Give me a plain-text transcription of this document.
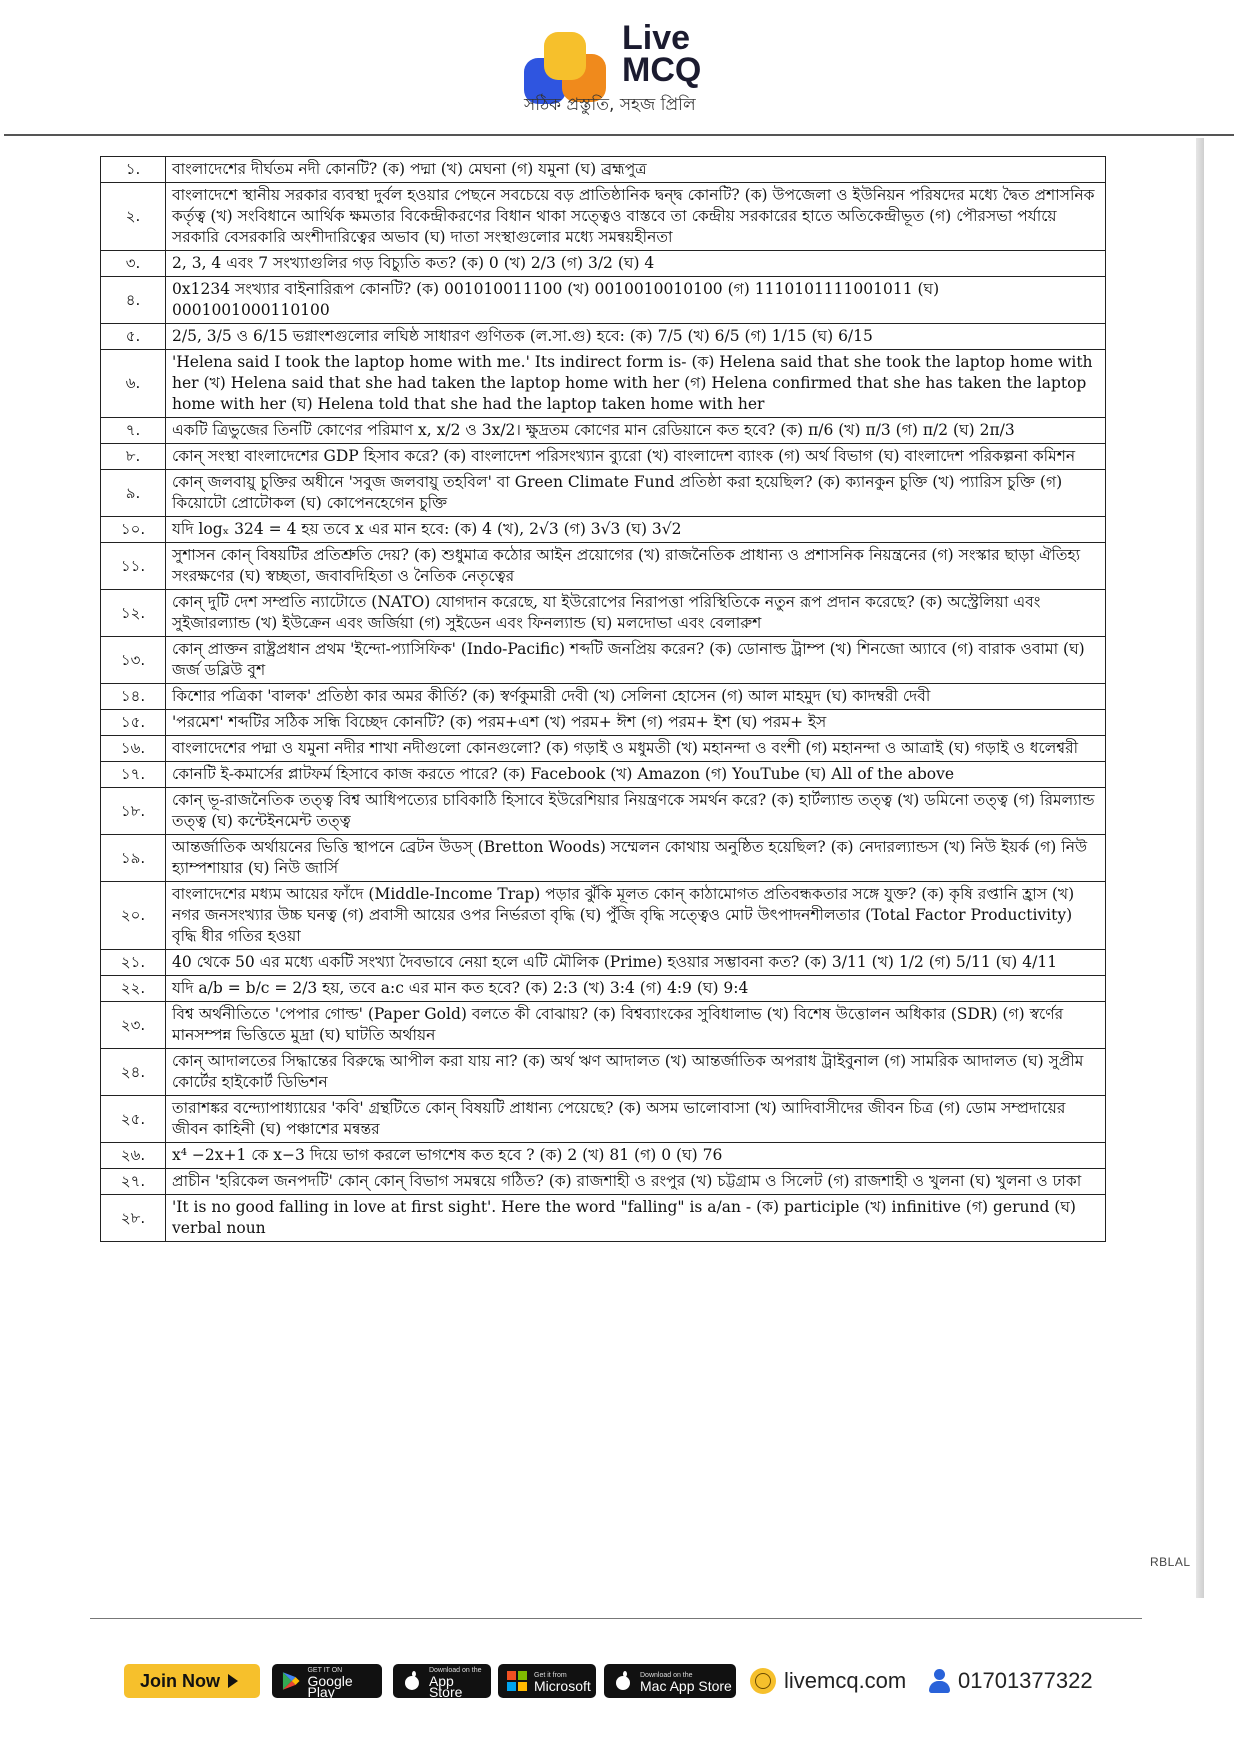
Live
MCQ
সঠিক প্রস্তুতি, সহজ প্রিলি
১.	বাংলাদেশের দীর্ঘতম নদী কোনটি? (ক) পদ্মা (খ) মেঘনা (গ) যমুনা (ঘ) ব্রহ্মপুত্র
২.	বাংলাদেশে স্থানীয় সরকার ব্যবস্থা দুর্বল হওয়ার পেছনে সবচেয়ে বড় প্রাতিষ্ঠানিক দ্বন্দ্ব কোনটি? (ক) উপজেলা ও ইউনিয়ন পরিষদের মধ্যে দ্বৈত প্রশাসনিক কর্তৃত্ব (খ) সংবিধানে আর্থিক ক্ষমতার বিকেন্দ্রীকরণের বিধান থাকা সত্ত্বেও বাস্তবে তা কেন্দ্রীয় সরকারের হাতে অতিকেন্দ্রীভূত (গ) পৌরসভা পর্যায়ে সরকারি বেসরকারি অংশীদারিত্বের অভাব (ঘ) দাতা সংস্থাগুলোর মধ্যে সমন্বয়হীনতা
৩.	2, 3, 4 এবং 7 সংখ্যাগুলির গড় বিচ্যুতি কত? (ক) 0 (খ) 2/3 (গ) 3/2 (ঘ) 4
৪.	0x1234 সংখ্যার বাইনারিরূপ কোনটি? (ক) 001010011100 (খ) 0010010010100 (গ) 1110101111001011 (ঘ) 0001001000110100
৫.	2/5, 3/5 ও 6/15 ভগ্নাংশগুলোর লঘিষ্ঠ সাধারণ গুণিতক (ল.সা.গু) হবে: (ক) 7/5 (খ) 6/5 (গ) 1/15 (ঘ) 6/15
৬.	'Helena said I took the laptop home with me.' Its indirect form is- (ক) Helena said that she took the laptop home with her (খ) Helena said that she had taken the laptop home with her (গ) Helena confirmed that she has taken the laptop home with her (ঘ) Helena told that she had the laptop taken home with her
৭.	একটি ত্রিভুজের তিনটি কোণের পরিমাণ x, x/2 ও 3x/2। ক্ষুদ্রতম কোণের মান রেডিয়ানে কত হবে? (ক) π/6 (খ) π/3 (গ) π/2 (ঘ) 2π/3
৮.	কোন্ সংস্থা বাংলাদেশের GDP হিসাব করে? (ক) বাংলাদেশ পরিসংখ্যান ব্যুরো (খ) বাংলাদেশ ব্যাংক (গ) অর্থ বিভাগ (ঘ) বাংলাদেশ পরিকল্পনা কমিশন
৯.	কোন্ জলবায়ু চুক্তির অধীনে 'সবুজ জলবায়ু তহবিল' বা Green Climate Fund প্রতিষ্ঠা করা হয়েছিল? (ক) ক্যানকুন চুক্তি (খ) প্যারিস চুক্তি (গ) কিয়োটো প্রোটোকল (ঘ) কোপেনহেগেন চুক্তি
১০.	যদি logₓ 324 = 4 হয় তবে x এর মান হবে: (ক) 4 (খ), 2√3 (গ) 3√3 (ঘ) 3√2
১১.	সুশাসন কোন্ বিষয়টির প্রতিশ্রুতি দেয়? (ক) শুধুমাত্র কঠোর আইন প্রয়োগের (খ) রাজনৈতিক প্রাধান্য ও প্রশাসনিক নিয়ন্ত্রনের (গ) সংস্কার ছাড়া ঐতিহ্য সংরক্ষণের (ঘ) স্বচ্ছতা, জবাবদিহিতা ও নৈতিক নেতৃত্বের
১২.	কোন্ দুটি দেশ সম্প্রতি ন্যাটোতে (NATO) যোগদান করেছে, যা ইউরোপের নিরাপত্তা পরিস্থিতিকে নতুন রূপ প্রদান করেছে? (ক) অস্ট্রেলিয়া এবং সুইজারল্যান্ড (খ) ইউক্রেন এবং জর্জিয়া (গ) সুইডেন এবং ফিনল্যান্ড (ঘ) মলদোভা এবং বেলারুশ
১৩.	কোন্ প্রাক্তন রাষ্ট্রপ্রধান প্রথম 'ইন্দো-প্যাসিফিক' (Indo-Pacific) শব্দটি জনপ্রিয় করেন? (ক) ডোনাল্ড ট্রাম্প (খ) শিনজো অ্যাবে (গ) বারাক ওবামা (ঘ) জর্জ ডব্লিউ বুশ
১৪.	কিশোর পত্রিকা 'বালক' প্রতিষ্ঠা কার অমর কীর্তি? (ক) স্বর্ণকুমারী দেবী (খ) সেলিনা হোসেন (গ) আল মাহমুদ (ঘ) কাদম্বরী দেবী
১৫.	'পরমেশ' শব্দটির সঠিক সন্ধি বিচ্ছেদ কোনটি? (ক) পরম+এশ (খ) পরম+ ঈশ (গ) পরম+ ইশ (ঘ) পরম+ ইস
১৬.	বাংলাদেশের পদ্মা ও যমুনা নদীর শাখা নদীগুলো কোনগুলো? (ক) গড়াই ও মধুমতী (খ) মহানন্দা ও বংশী (গ) মহানন্দা ও আত্রাই (ঘ) গড়াই ও ধলেশ্বরী
১৭.	কোনটি ই-কমার্সের প্লাটফর্ম হিসাবে কাজ করতে পারে? (ক) Facebook (খ) Amazon (গ) YouTube (ঘ) All of the above
১৮.	কোন্ ভূ-রাজনৈতিক তত্ত্ব বিশ্ব আধিপত্যের চাবিকাঠি হিসাবে ইউরেশিয়ার নিয়ন্ত্রণকে সমর্থন করে? (ক) হার্টল্যান্ড তত্ত্ব (খ) ডমিনো তত্ত্ব (গ) রিমল্যান্ড তত্ত্ব (ঘ) কন্টেইনমেন্ট তত্ত্ব
১৯.	আন্তর্জাতিক অর্থায়নের ভিত্তি স্থাপনে ব্রেটন উডস্ (Bretton Woods) সম্মেলন কোথায় অনুষ্ঠিত হয়েছিল? (ক) নেদারল্যান্ডস (খ) নিউ ইয়র্ক (গ) নিউ হ্যাম্পশায়ার (ঘ) নিউ জার্সি
২০.	বাংলাদেশের মধ্যম আয়ের ফাঁদে (Middle-Income Trap) পড়ার ঝুঁকি মূলত কোন্ কাঠামোগত প্রতিবন্ধকতার সঙ্গে যুক্ত? (ক) কৃষি রপ্তানি হ্রাস (খ) নগর জনসংখ্যার উচ্চ ঘনত্ব (গ) প্রবাসী আয়ের ওপর নির্ভরতা বৃদ্ধি (ঘ) পুঁজি বৃদ্ধি সত্ত্বেও মোট উৎপাদনশীলতার (Total Factor Productivity) বৃদ্ধি ধীর গতির হওয়া
২১.	40 থেকে 50 এর মধ্যে একটি সংখ্যা দৈবভাবে নেয়া হলে এটি মৌলিক (Prime) হওয়ার সম্ভাবনা কত? (ক) 3/11 (খ) 1/2 (গ) 5/11 (ঘ) 4/11
২২.	যদি a/b = b/c = 2/3 হয়, তবে a:c এর মান কত হবে? (ক) 2:3 (খ) 3:4 (গ) 4:9 (ঘ) 9:4
২৩.	বিশ্ব অর্থনীতিতে 'পেপার গোল্ড' (Paper Gold) বলতে কী বোঝায়? (ক) বিশ্বব্যাংকের সুবিধালাভ (খ) বিশেষ উত্তোলন অধিকার (SDR) (গ) স্বর্ণের মানসম্পন্ন ভিত্তিতে মুদ্রা (ঘ) ঘাটতি অর্থায়ন
২৪.	কোন্ আদালতের সিদ্ধান্তের বিরুদ্ধে আপীল করা যায় না? (ক) অর্থ ঋণ আদালত (খ) আন্তর্জাতিক অপরাধ ট্রাইবুনাল (গ) সামরিক আদালত (ঘ) সুপ্রীম কোর্টের হাইকোর্ট ডিভিশন
২৫.	তারাশঙ্কর বন্দ্যোপাধ্যায়ের 'কবি' গ্রন্থটিতে কোন্ বিষয়টি প্রাধান্য পেয়েছে? (ক) অসম ভালোবাসা (খ) আদিবাসীদের জীবন চিত্র (গ) ডোম সম্প্রদায়ের জীবন কাহিনী (ঘ) পঞ্চাশের মন্বন্তর
২৬.	x⁴ −2x+1 কে x−3 দিয়ে ভাগ করলে ভাগশেষ কত হবে ? (ক) 2 (খ) 81 (গ) 0 (ঘ) 76
২৭.	প্রাচীন 'হরিকেল জনপদটি' কোন্ কোন্ বিভাগ সমন্বয়ে গঠিত? (ক) রাজশাহী ও রংপুর (খ) চট্টগ্রাম ও সিলেট (গ) রাজশাহী ও খুলনা (ঘ) খুলনা ও ঢাকা
২৮.	'It is no good falling in love at first sight'. Here the word "falling" is a/an - (ক) participle (খ) infinitive (গ) gerund (ঘ) verbal noun
RBLAL
Join Now
GET IT ON
Google Play
Download on the
App Store
Get it from
Microsoft
Download on the
Mac App Store livemcq.com 01701377322
